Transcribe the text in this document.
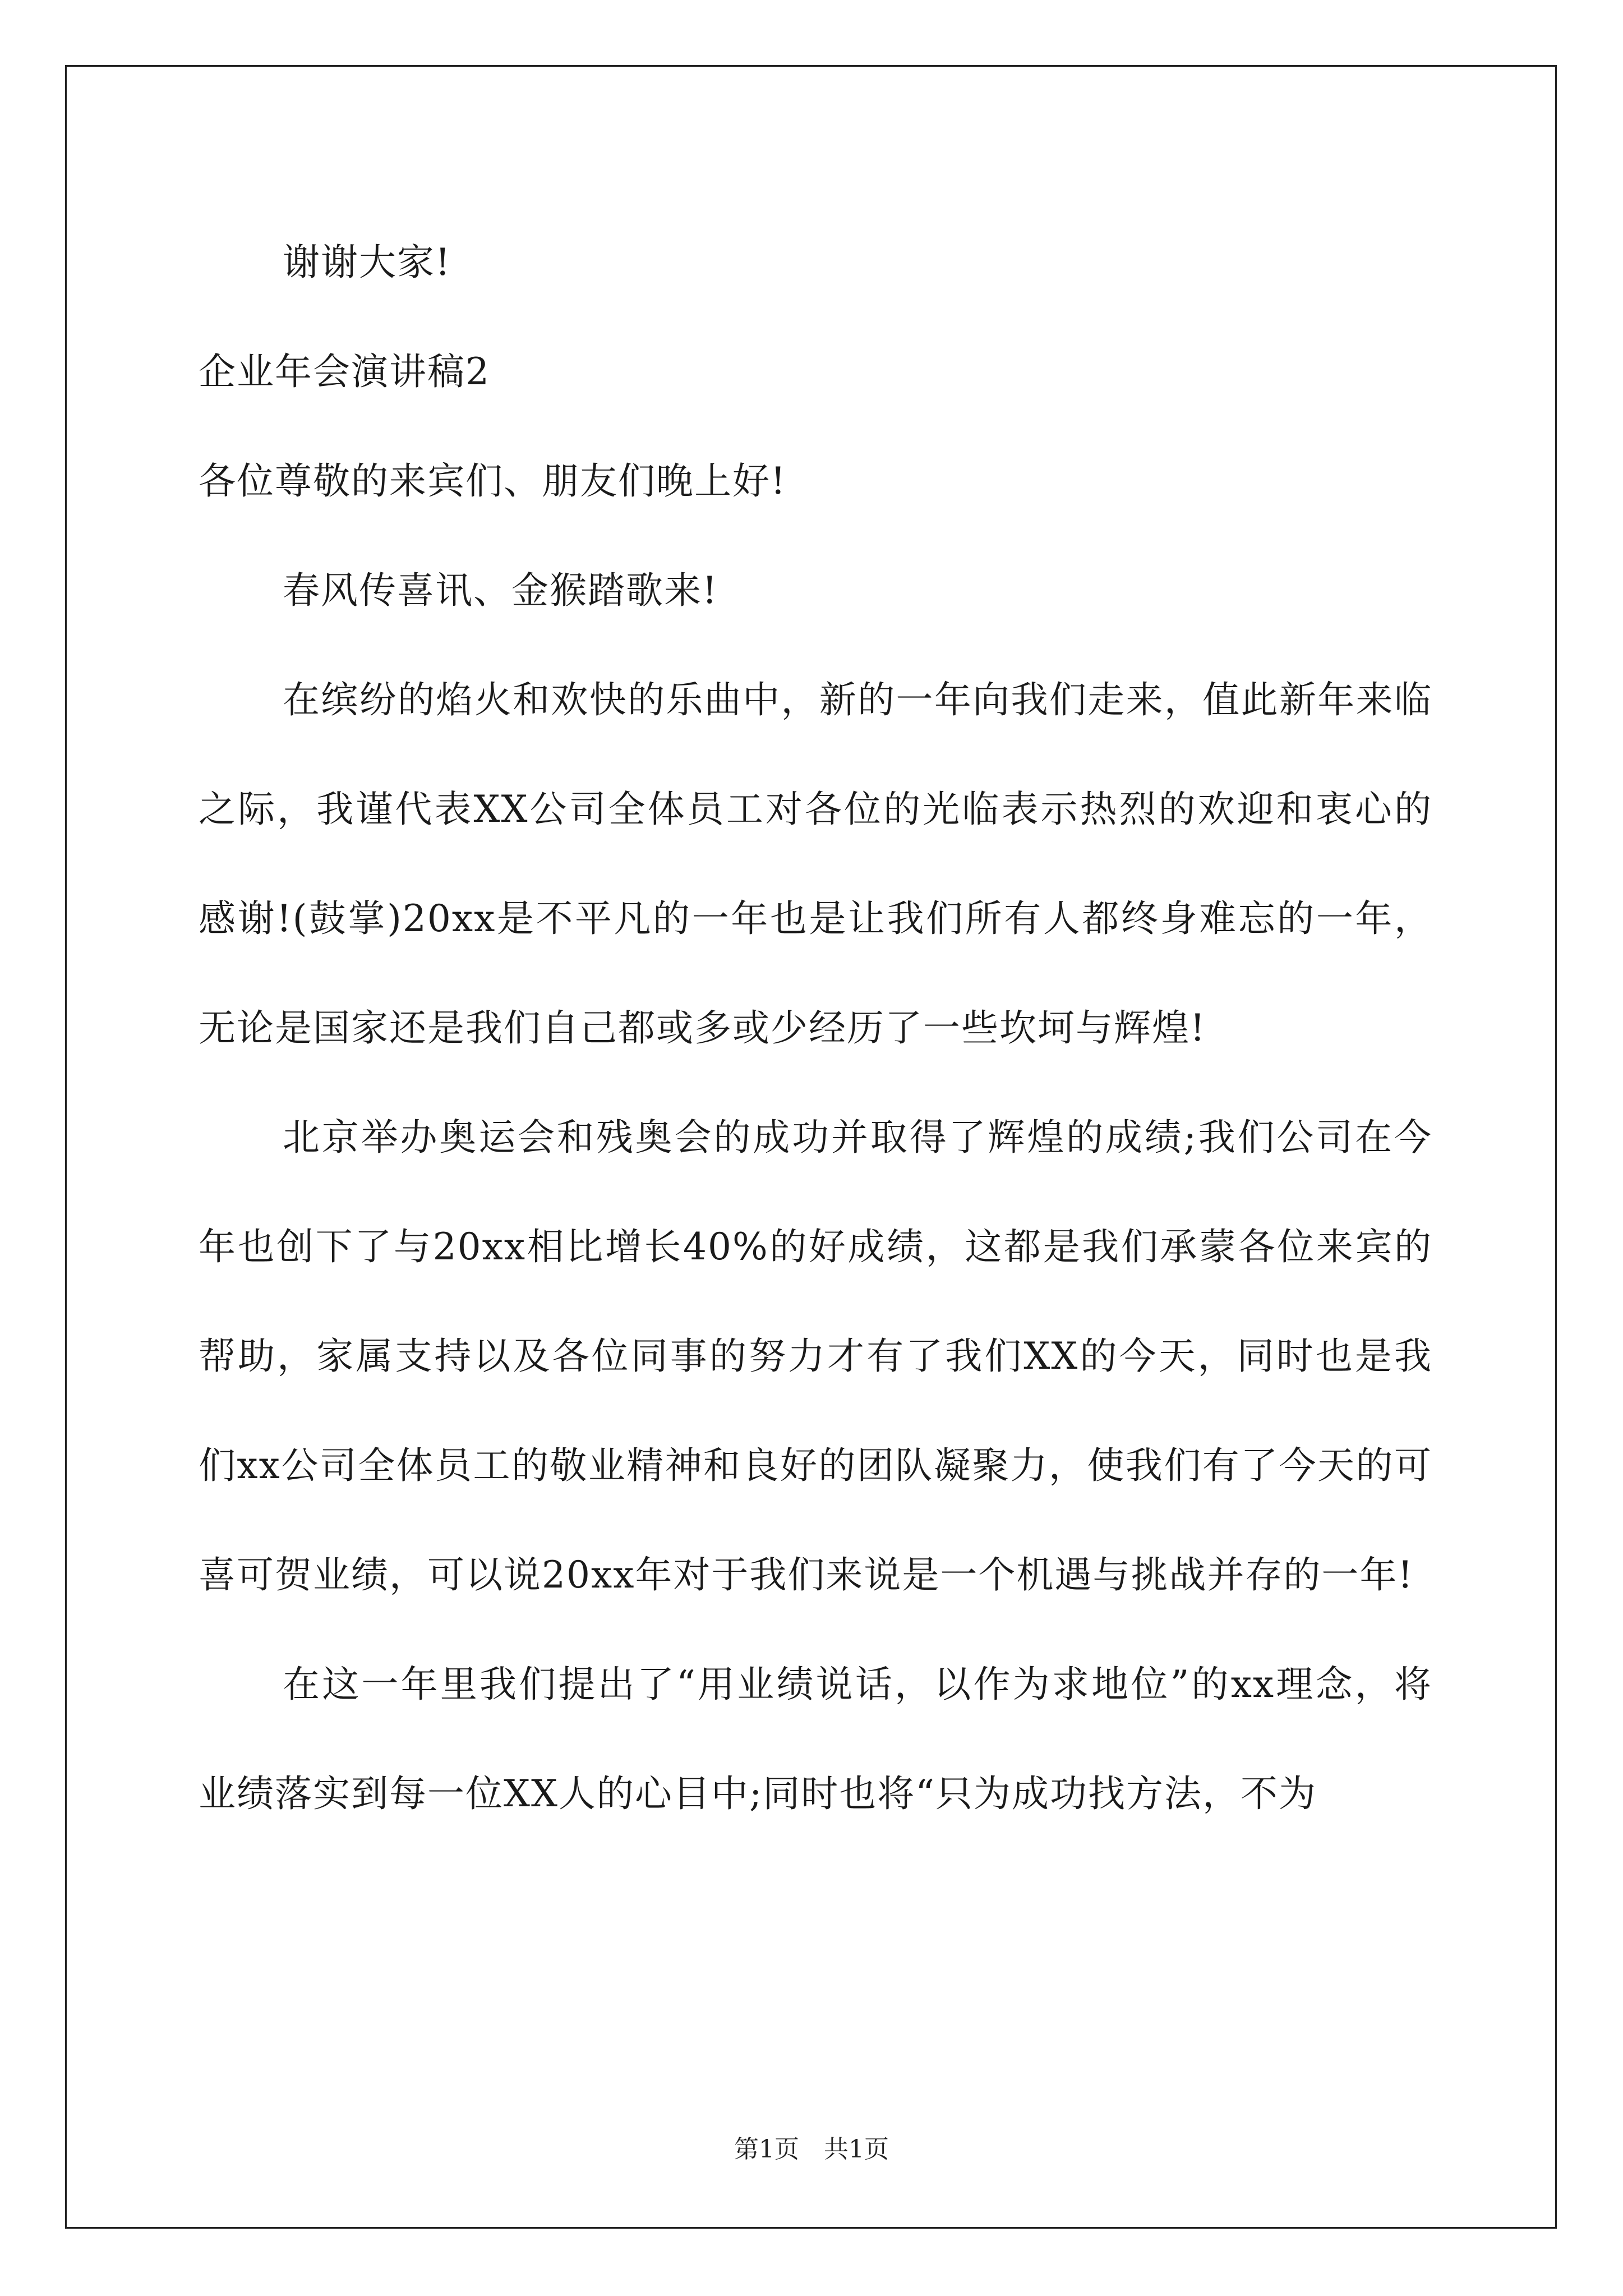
谢谢大家!

企业年会演讲稿2

各位尊敬的来宾们、朋友们晚上好!

春风传喜讯、金猴踏歌来!

在缤纷的焰火和欢快的乐曲中，新的一年向我们走来，值此新年来临之际，我谨代表XX公司全体员工对各位的光临表示热烈的欢迎和衷心的感谢!(鼓掌)20xx是不平凡的一年也是让我们所有人都终身难忘的一年，无论是国家还是我们自己都或多或少经历了一些坎坷与辉煌!

北京举办奥运会和残奥会的成功并取得了辉煌的成绩;我们公司在今年也创下了与20xx相比增长40%的好成绩，这都是我们承蒙各位来宾的帮助，家属支持以及各位同事的努力才有了我们XX的今天，同时也是我们xx公司全体员工的敬业精神和良好的团队凝聚力，使我们有了今天的可喜可贺业绩，可以说20xx年对于我们来说是一个机遇与挑战并存的一年!

在这一年里我们提出了“用业绩说话，以作为求地位”的xx理念，将业绩落实到每一位XX人的心目中;同时也将“只为成功找方法，不为

第1页　共1页
